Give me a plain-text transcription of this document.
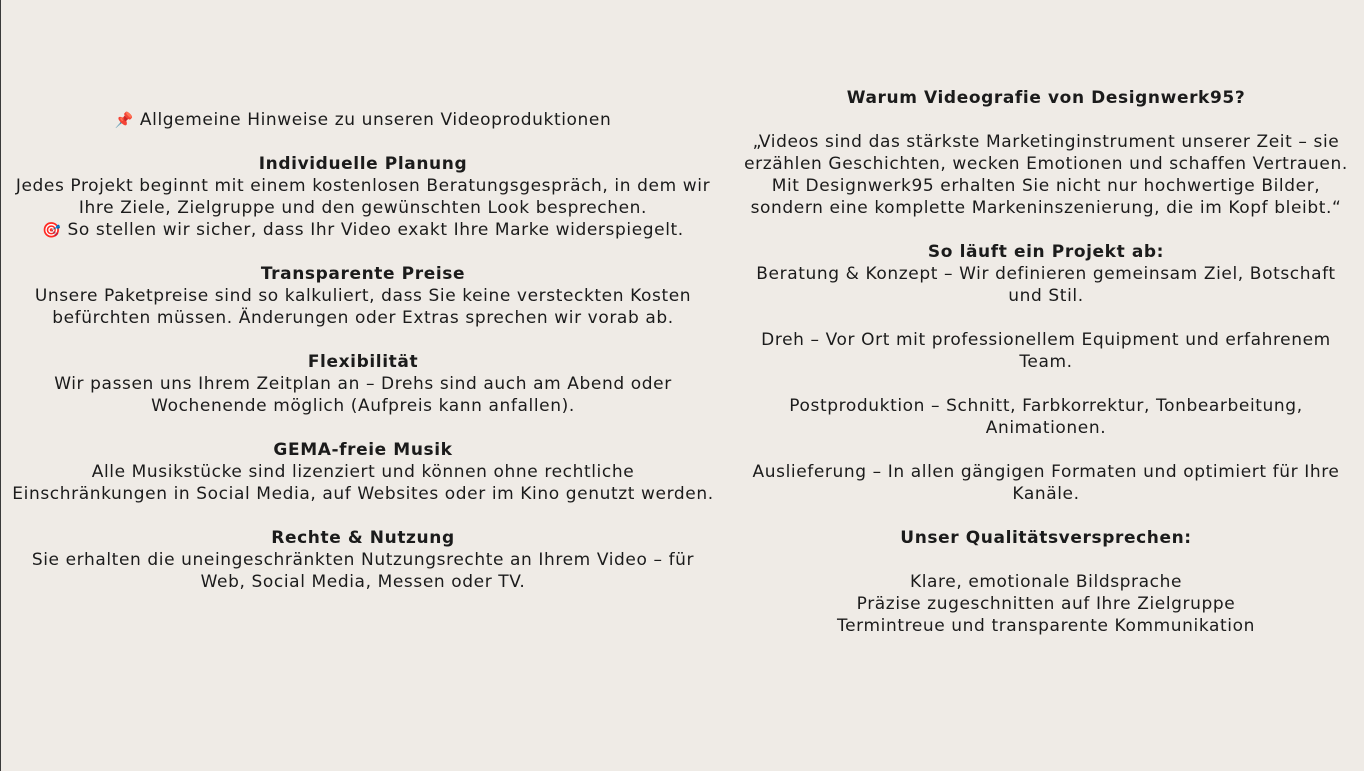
📌 Allgemeine Hinweise zu unseren Videoproduktionen

Individuelle Planung

Jedes Projekt beginnt mit einem kostenlosen Beratungsgespräch, in dem wir Ihre Ziele, Zielgruppe und den gewünschten Look besprechen.

🎯 So stellen wir sicher, dass Ihr Video exakt Ihre Marke widerspiegelt.

Transparente Preise

Unsere Paketpreise sind so kalkuliert, dass Sie keine versteckten Kosten befürchten müssen. Änderungen oder Extras sprechen wir vorab ab.

Flexibilität

Wir passen uns Ihrem Zeitplan an – Drehs sind auch am Abend oder Wochenende möglich (Aufpreis kann anfallen).

GEMA-freie Musik

Alle Musikstücke sind lizenziert und können ohne rechtliche Einschränkungen in Social Media, auf Websites oder im Kino genutzt werden.

Rechte & Nutzung

Sie erhalten die uneingeschränkten Nutzungsrechte an Ihrem Video – für Web, Social Media, Messen oder TV.

Warum Videografie von Designwerk95?

„Videos sind das stärkste Marketinginstrument unserer Zeit – sie erzählen Geschichten, wecken Emotionen und schaffen Vertrauen. Mit Designwerk95 erhalten Sie nicht nur hochwertige Bilder, sondern eine komplette Markeninszenierung, die im Kopf bleibt.“

So läuft ein Projekt ab:

Beratung & Konzept – Wir definieren gemeinsam Ziel, Botschaft und Stil.

Dreh – Vor Ort mit professionellem Equipment und erfahrenem Team.

Postproduktion – Schnitt, Farbkorrektur, Tonbearbeitung, Animationen.

Auslieferung – In allen gängigen Formaten und optimiert für Ihre Kanäle.

Unser Qualitätsversprechen:

Klare, emotionale Bildsprache
Präzise zugeschnitten auf Ihre Zielgruppe
Termintreue und transparente Kommunikation
